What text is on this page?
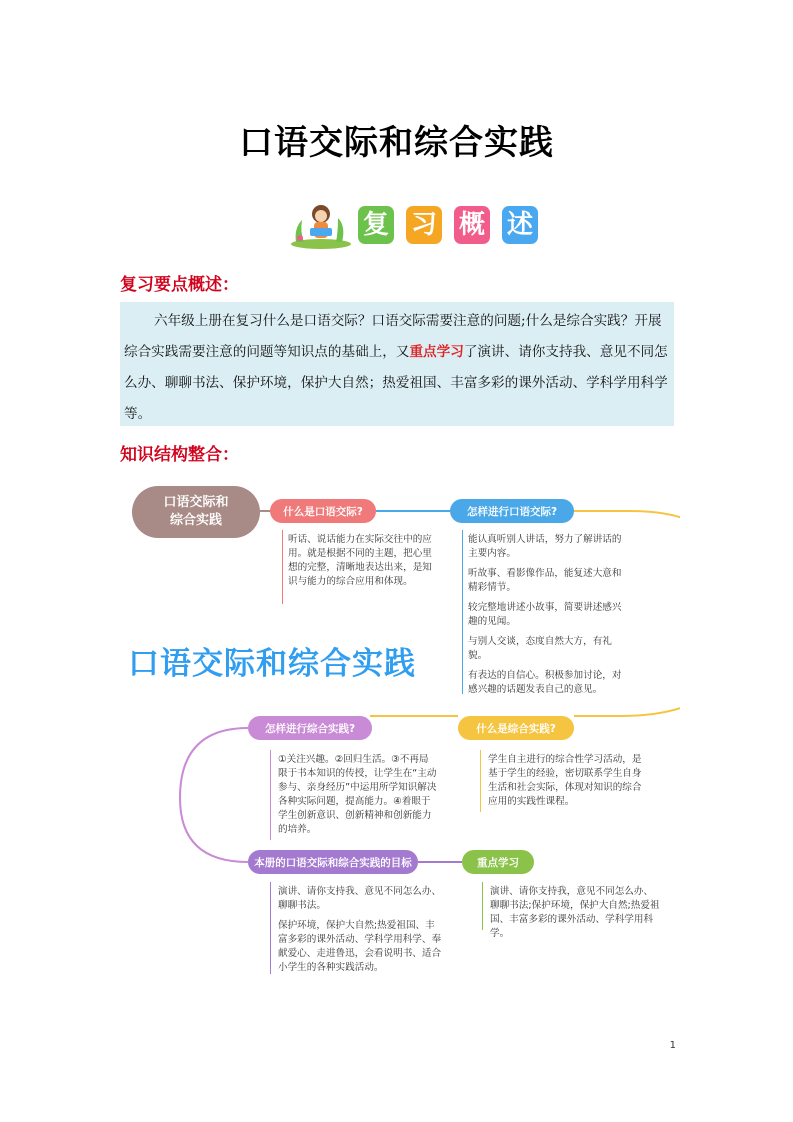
口语交际和综合实践
复 习 概 述
复习要点概述：
六年级上册在复习什么是口语交际？口语交际需要注意的问题;什么是综合实践？开展综合实践需要注意的问题等知识点的基础上，又重点学习了演讲、请你支持我、意见不同怎么办、聊聊书法、保护环境，保护大自然；热爱祖国、丰富多彩的课外活动、学科学用科学等。
知识结构整合：
口语交际和
综合实践
什么是口语交际?
听话、说话能力在实际交往中的应用。就是根据不同的主题，把心里想的完整，清晰地表达出来，是知识与能力的综合应用和体现。
怎样进行口语交际?

能认真听别人讲话，努力了解讲话的主要内容。

听故事、看影像作品，能复述大意和精彩情节。

较完整地讲述小故事，简要讲述感兴趣的见闻。

与别人交谈，态度自然大方，有礼貌。

有表达的自信心。积极参加讨论，对感兴趣的话题发表自己的意见。

口语交际和综合实践
什么是综合实践?
学生自主进行的综合性学习活动，是基于学生的经验，密切联系学生自身生活和社会实际，体现对知识的综合应用的实践性课程。
怎样进行综合实践?
①关注兴趣。②回归生活。③不再局限于书本知识的传授，让学生在“主动参与、亲身经历”中运用所学知识解决各种实际问题，提高能力。④着眼于学生创新意识、创新精神和创新能力的培养。
本册的口语交际和综合实践的目标

演讲、请你支持我、意见不同怎么办、聊聊书法。

保护环境，保护大自然;热爱祖国、丰富多彩的课外活动、学科学用科学、奉献爱心、走进鲁迅，会看说明书、适合小学生的各种实践活动。

重点学习
演讲、请你支持我，意见不同怎么办、聊聊书法;保护环境，保护大自然;热爱祖国、丰富多彩的课外活动、学科学用科学。
1
